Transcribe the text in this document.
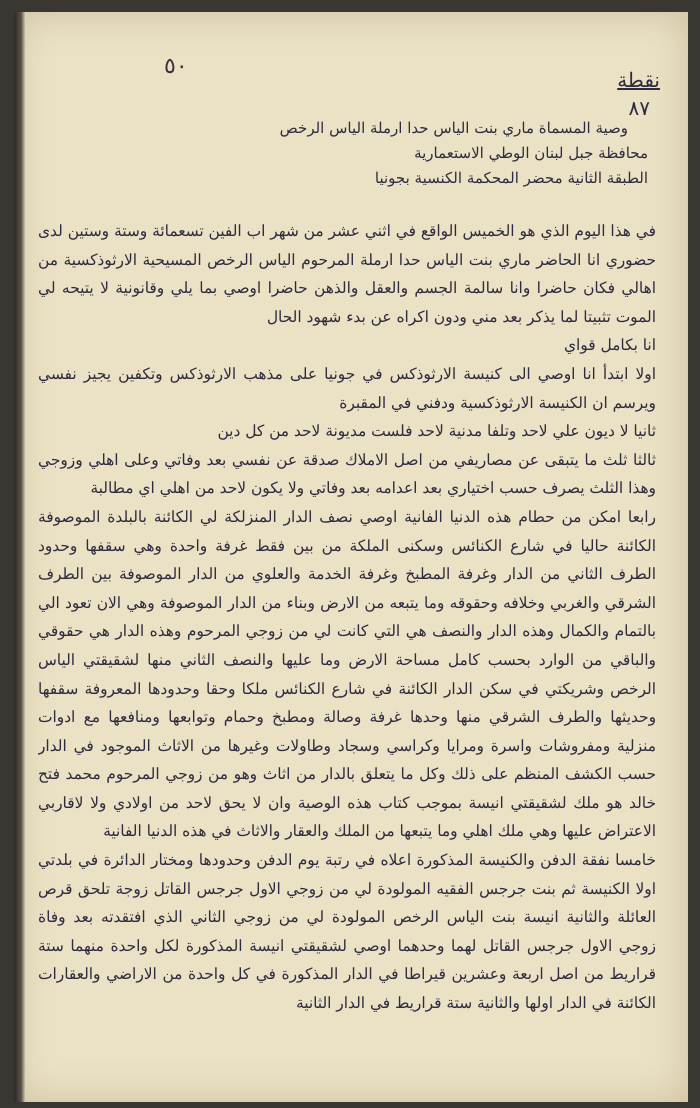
٥٠
نقطة
٨٧
وصية المسماة ماري بنت الياس حدا ارملة الياس الرخص
محافظة جبل لبنان الوطي الاستعمارية
الطبقة الثانية محضر المحكمة الكنسية بجونيا

في هذا اليوم الذي هو الخميس الواقع في اثني عشر من شهر اب الفين تسعمائة وستة وستين لدى حضوري انا الحاضر ماري بنت الياس حدا ارملة المرحوم الياس الرخص المسيحية الارثوذكسية من اهالي فكان حاضرا وانا سالمة الجسم والعقل والذهن حاضرا اوصي بما يلي وقانونية لا يتيحه لي الموت تثبيتا لما يذكر بعد مني ودون اكراه عن بدء شهود الحال

انا بكامل قواي

اولا ابتدأ انا اوصي الى كنيسة الارثوذكس في جونيا على مذهب الارثوذكس وتكفين يجيز نفسي ويرسم ان الكنيسة الارثوذكسية ودفني في المقبرة

ثانيا لا ديون علي لاحد وتلفا مدنية لاحد فلست مديونة لاحد من كل دين

ثالثا ثلث ما يتبقى عن مصاريفي من اصل الاملاك صدقة عن نفسي بعد وفاتي وعلى اهلي وزوجي وهذا الثلث يصرف حسب اختياري بعد اعدامه بعد وفاتي ولا يكون لاحد من اهلي اي مطالبة

رابعا امكن من حطام هذه الدنيا الفانية اوصي نصف الدار المنزلكة لي الكائنة بالبلدة الموصوفة الكائنة حاليا في شارع الكنائس وسكنى الملكة من بين فقط غرفة واحدة وهي سقفها وحدود الطرف الثاني من الدار وغرفة المطبخ وغرفة الخدمة والعلوي من الدار الموصوفة بين الطرف الشرقي والغربي وخلافه وحقوقه وما يتبعه من الارض وبناء من الدار الموصوفة وهي الان تعود الي بالتمام والكمال وهذه الدار والنصف هي التي كانت لي من زوجي المرحوم وهذه الدار هي حقوقي والباقي من الوارد بحسب كامل مساحة الارض وما عليها والنصف الثاني منها لشقيقتي الياس الرخص وشريكتي في سكن الدار الكائنة في شارع الكنائس ملكا وحقا وحدودها المعروفة سقفها وحديثها والطرف الشرقي منها وحدها غرفة وصالة ومطبخ وحمام وتوابعها ومنافعها مع ادوات منزلية ومفروشات واسرة ومرايا وكراسي وسجاد وطاولات وغيرها من الاثاث الموجود في الدار حسب الكشف المنظم على ذلك وكل ما يتعلق بالدار من اثاث وهو من زوجي المرحوم محمد فتح خالد هو ملك لشقيقتي انيسة بموجب كتاب هذه الوصية وان لا يحق لاحد من اولادي ولا لاقاربي الاعتراض عليها وهي ملك اهلي وما يتبعها من الملك والعقار والاثاث في هذه الدنيا الفانية

خامسا نفقة الدفن والكنيسة المذكورة اعلاه في رتبة يوم الدفن وحدودها ومختار الدائرة في بلدتي اولا الكنيسة ثم بنت جرجس الفقيه المولودة لي من زوجي الاول جرجس القاتل زوجة تلحق قرص العائلة والثانية انيسة بنت الياس الرخص المولودة لي من زوجي الثاني الذي افتقدته بعد وفاة زوجي الاول جرجس القاتل لهما وحدهما اوصي لشقيقتي انيسة المذكورة لكل واحدة منهما ستة قراريط من اصل اربعة وعشرين قيراطا في الدار المذكورة في كل واحدة من الاراضي والعقارات الكائنة في الدار اولها والثانية ستة قراريط في الدار الثانية
